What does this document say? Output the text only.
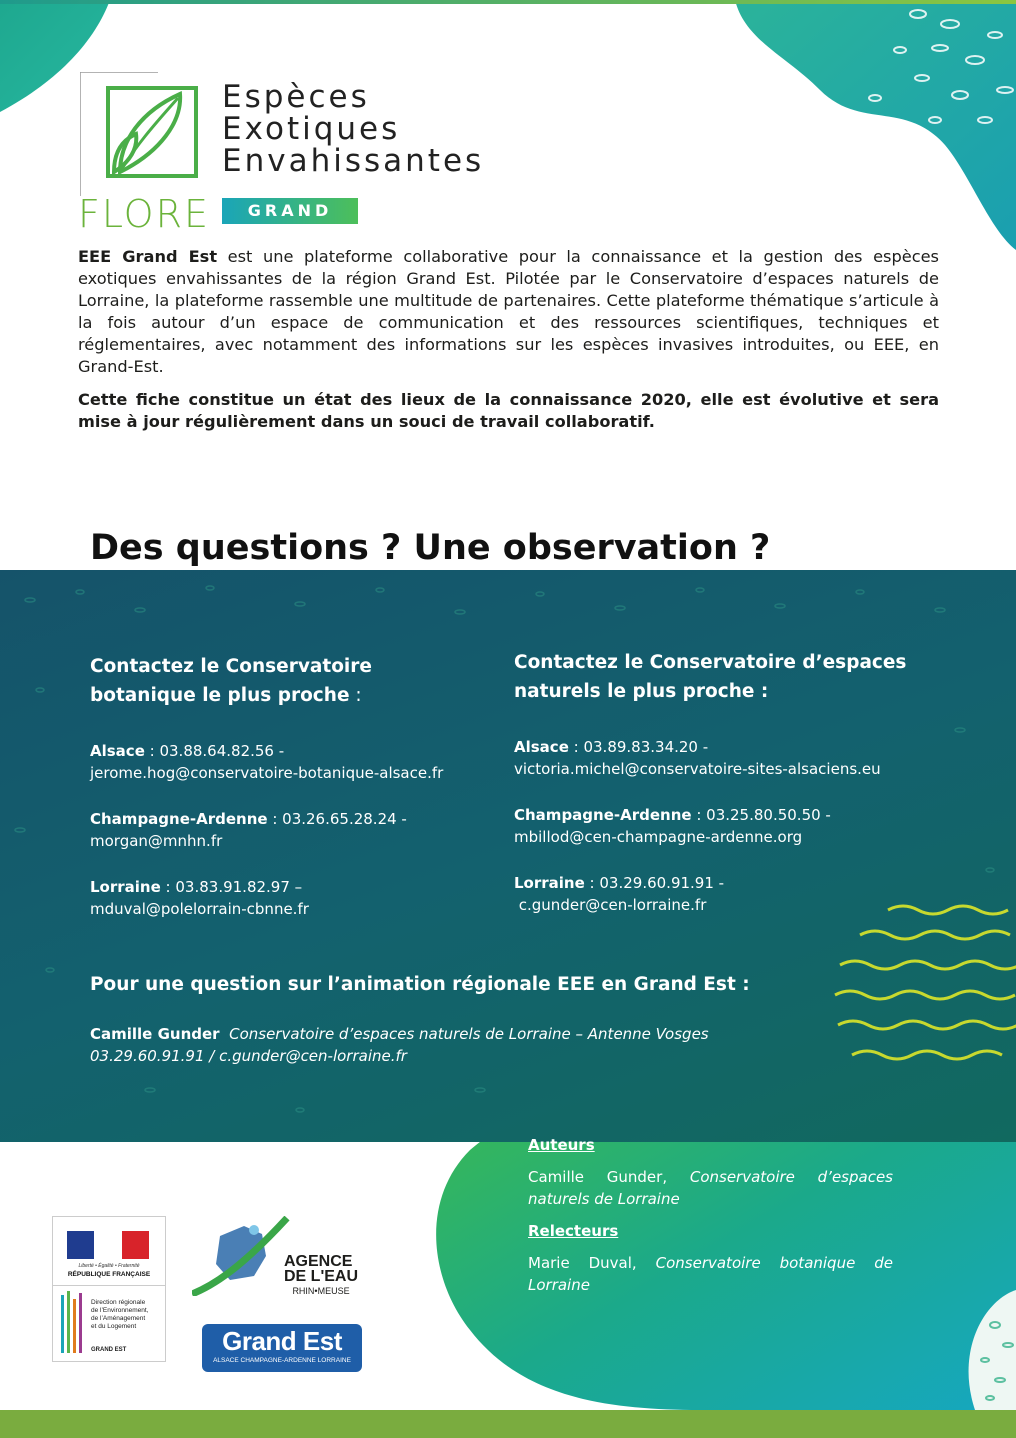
Espèces
Exotiques
Envahissantes
FLORE	GRAND EST

EEE Grand Est est une plateforme collaborative pour la connaissance et la gestion des espèces exotiques envahissantes de la région Grand Est. Pilotée par le Conservatoire d’espaces naturels de Lorraine, la plateforme rassemble une multitude de partenaires. Cette plateforme thématique s’articule à la fois autour d’un espace de communication et des ressources scientifiques, techniques et réglementaires, avec notamment des informations sur les espèces invasives introduites, ou EEE, en Grand-Est.

Cette fiche constitue un état des lieux de la connaissance 2020, elle est évolutive et sera mise à jour régulièrement dans un souci de travail collaboratif.

Des questions ? Une observation ?
Contactez le Conservatoire botanique le plus proche :
Alsace : 03.88.64.82.56 -
jerome.hog@conservatoire-botanique-alsace.fr
Champagne-Ardenne : 03.26.65.28.24 -
morgan@mnhn.fr
Lorraine : 03.83.91.82.97 –
mduval@polelorrain-cbnne.fr
Contactez le Conservatoire d’espaces naturels le plus proche :
Alsace : 03.89.83.34.20 -
victoria.michel@conservatoire-sites-alsaciens.eu
Champagne-Ardenne : 03.25.80.50.50 -
mbillod@cen-champagne-ardenne.org
Lorraine : 03.29.60.91.91 -
c.gunder@cen-lorraine.fr
Pour une question sur l’animation régionale EEE en Grand Est :
Camille Gunder Conservatoire d’espaces naturels de Lorraine – Antenne Vosges
03.29.60.91.91 / c.gunder@cen-lorraine.fr
Auteurs
Camille Gunder, Conservatoire d’espaces naturels de Lorraine
Relecteurs
Marie Duval, Conservatoire botanique de Lorraine
Liberté • Égalité • Fraternité
RÉPUBLIQUE FRANÇAISE
Direction régionale
de l’Environnement,
de l’Aménagement
et du Logement
GRAND EST
AGENCE
DE L'EAU
RHIN•MEUSE
Grand Est
ALSACE CHAMPAGNE-ARDENNE LORRAINE
